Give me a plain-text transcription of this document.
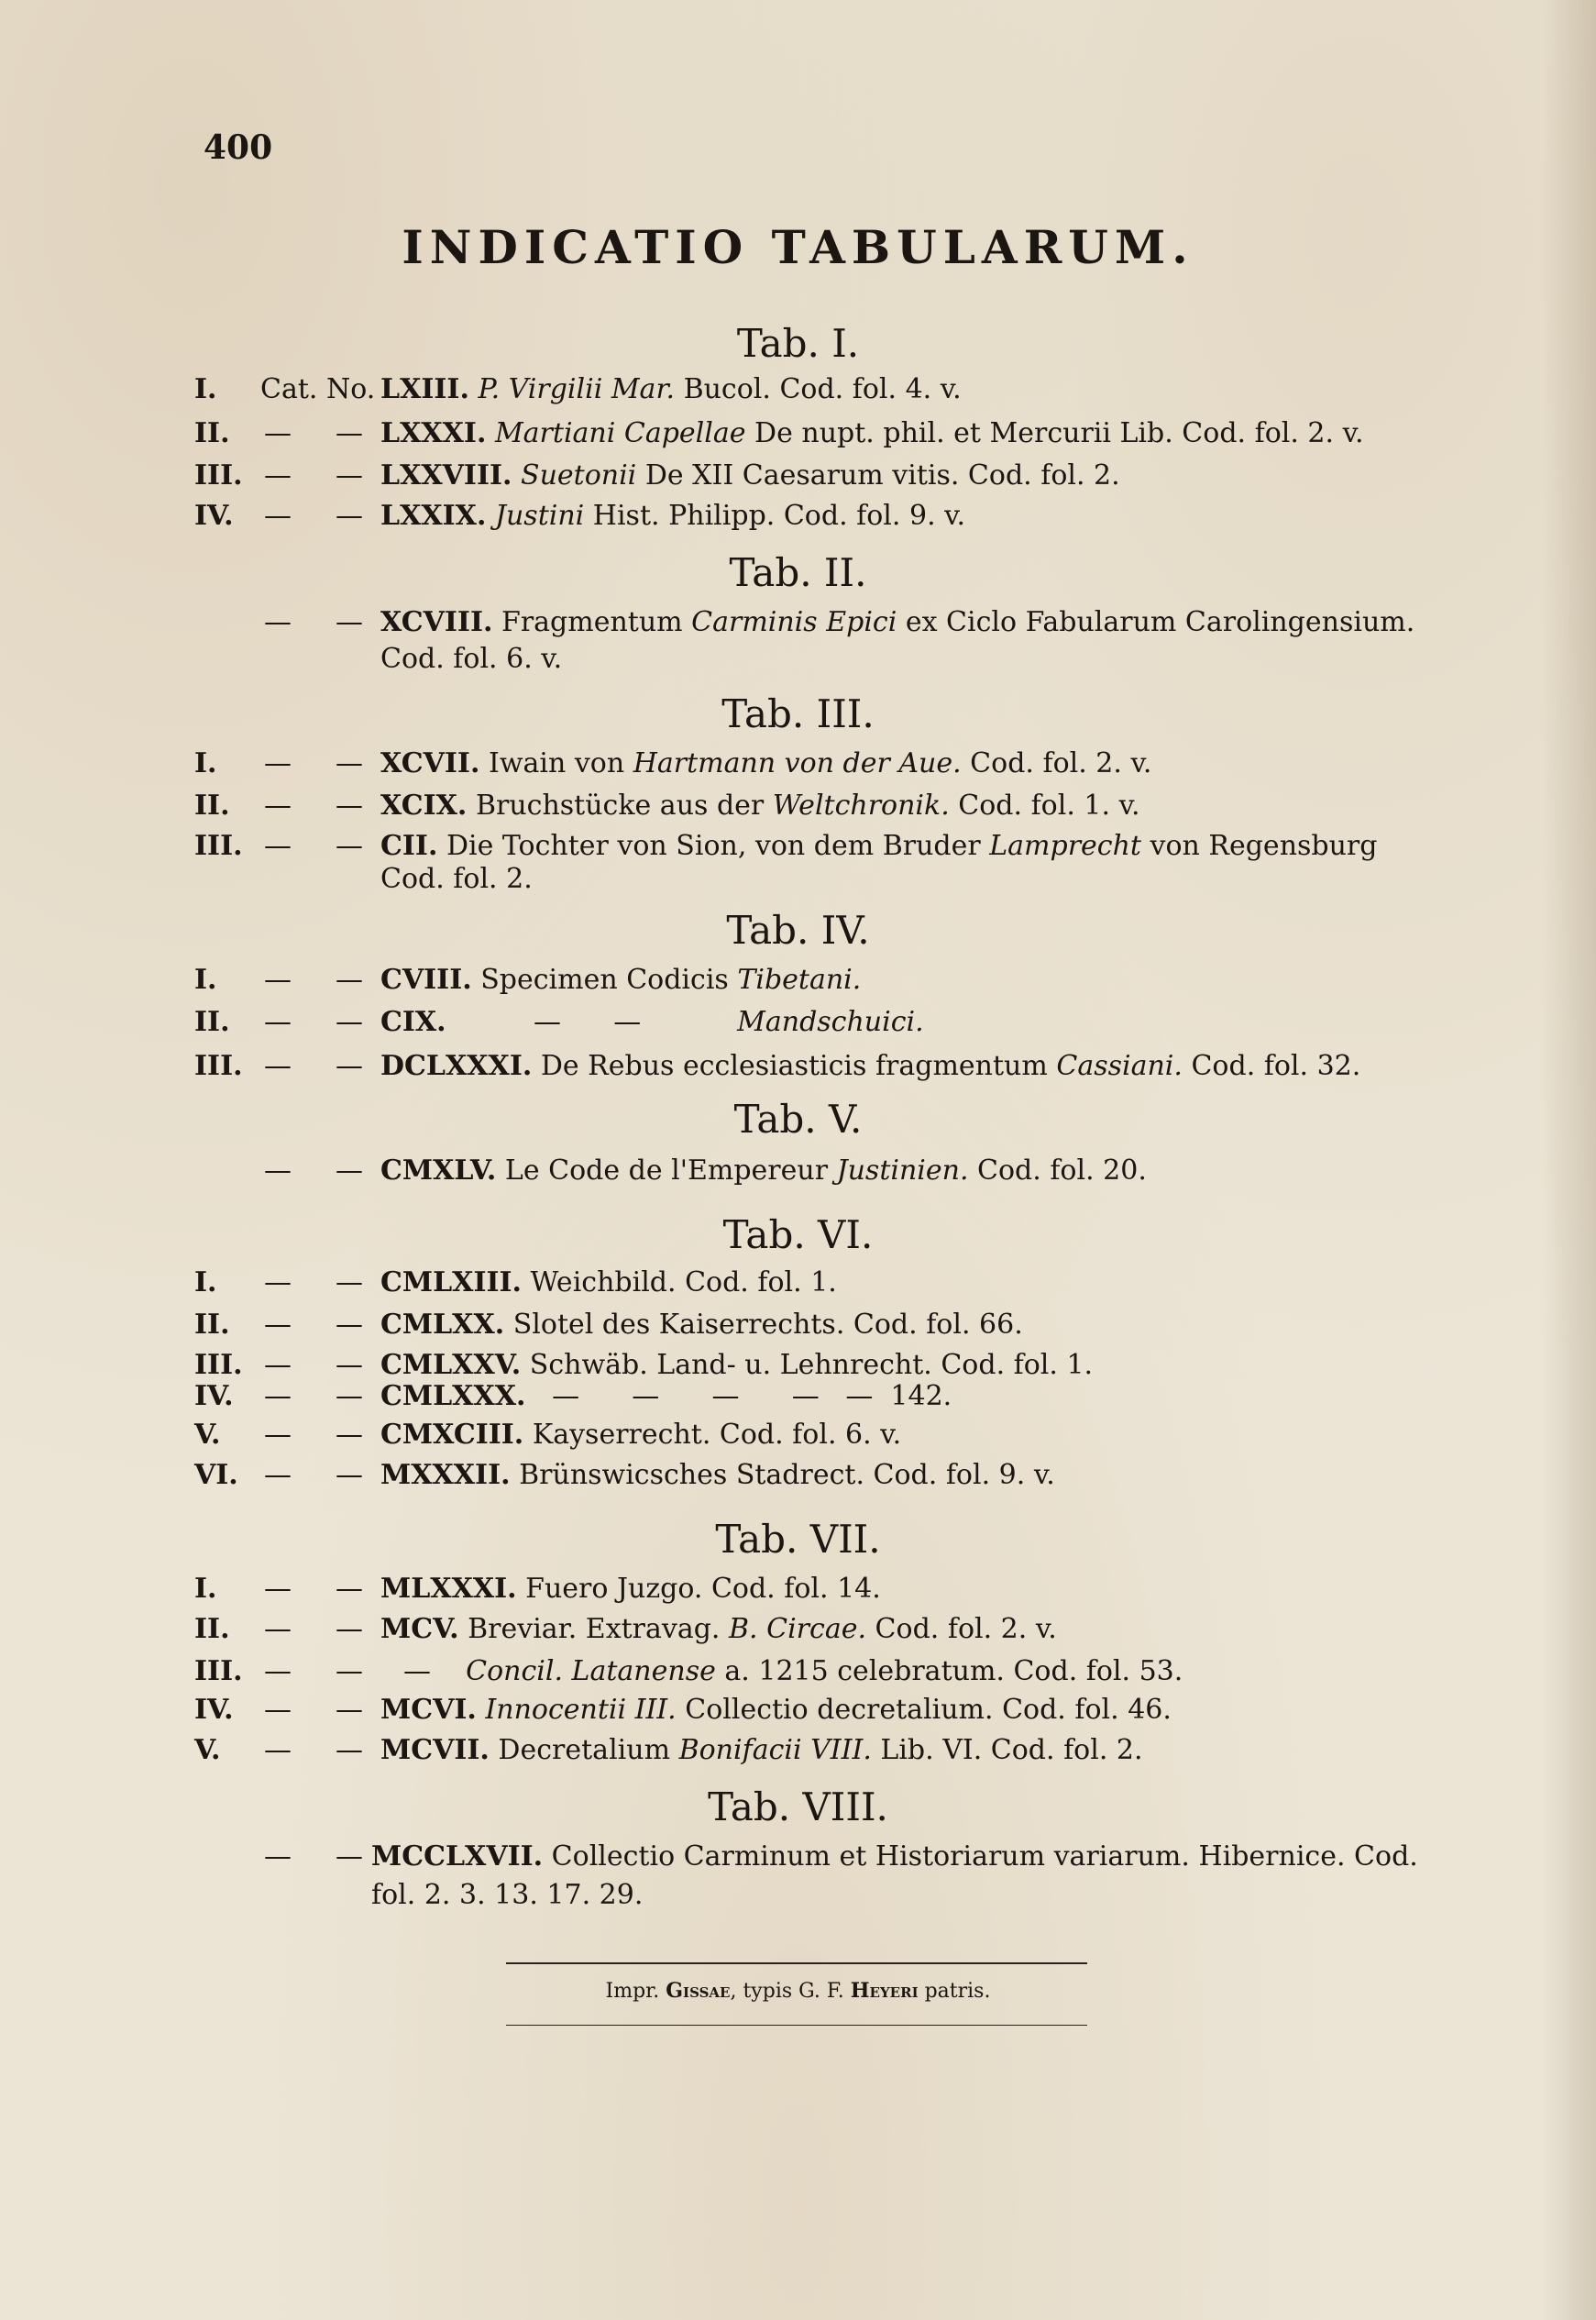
400
INDICATIO TABULARUM.
Tab. I.
I. Cat. No. LXIII. P. Virgilii Mar. Bucol. Cod. fol. 4. v.
II. — — LXXXI. Martiani Capellae De nupt. phil. et Mercurii Lib. Cod. fol. 2. v.
III. — — LXXVIII. Suetonii De XII Caesarum vitis. Cod. fol. 2.
IV. — — LXXIX. Justini Hist. Philipp. Cod. fol. 9. v.
Tab. II.
— — XCVIII. Fragmentum Carminis Epici ex Ciclo Fabularum Carolingensium.
Cod. fol. 6. v.
Tab. III.
I. — — XCVII. Iwain von Hartmann von der Aue. Cod. fol. 2. v.
II. — — XCIX. Bruchstücke aus der Weltchronik. Cod. fol. 1. v.
III. — — CII. Die Tochter von Sion, von dem Bruder Lamprecht von Regensburg
Cod. fol. 2.
Tab. IV.
I. — — CVIII. Specimen Codicis Tibetani.
II. — — CIX.	—      —           Mandschuici.
III. — — DCLXXXI. De Rebus ecclesiasticis fragmentum Cassiani. Cod. fol. 32.
Tab. V.
— — CMXLV. Le Code de l'Empereur Justinien. Cod. fol. 20.
Tab. VI.
I. — — CMLXIII. Weichbild. Cod. fol. 1.
II. — — CMLXX. Slotel des Kaiserrechts. Cod. fol. 66.
III. — — CMLXXV. Schwäb. Land- u. Lehnrecht. Cod. fol. 1.
IV. — — CMLXXX. —      —      —      —   —  142.
V. — — CMXCIII. Kayserrecht. Cod. fol. 6. v.
VI. — — MXXXII. Brünswicsches Stadrect. Cod. fol. 9. v.
Tab. VII.
I. — — MLXXXI. Fuero Juzgo. Cod. fol. 14.
II. — — MCV. Breviar. Extravag. B. Circae. Cod. fol. 2. v.
III. — — — Concil. Latanense a. 1215 celebratum. Cod. fol. 53.
IV. — — MCVI. Innocentii III. Collectio decretalium. Cod. fol. 46.
V. — — MCVII. Decretalium Bonifacii VIII. Lib. VI. Cod. fol. 2.
Tab. VIII.
— — MCCLXVII. Collectio Carminum et Historiarum variarum. Hibernice. Cod.
fol. 2. 3. 13. 17. 29.
Impr. Gissae, typis G. F. Heyeri patris.
